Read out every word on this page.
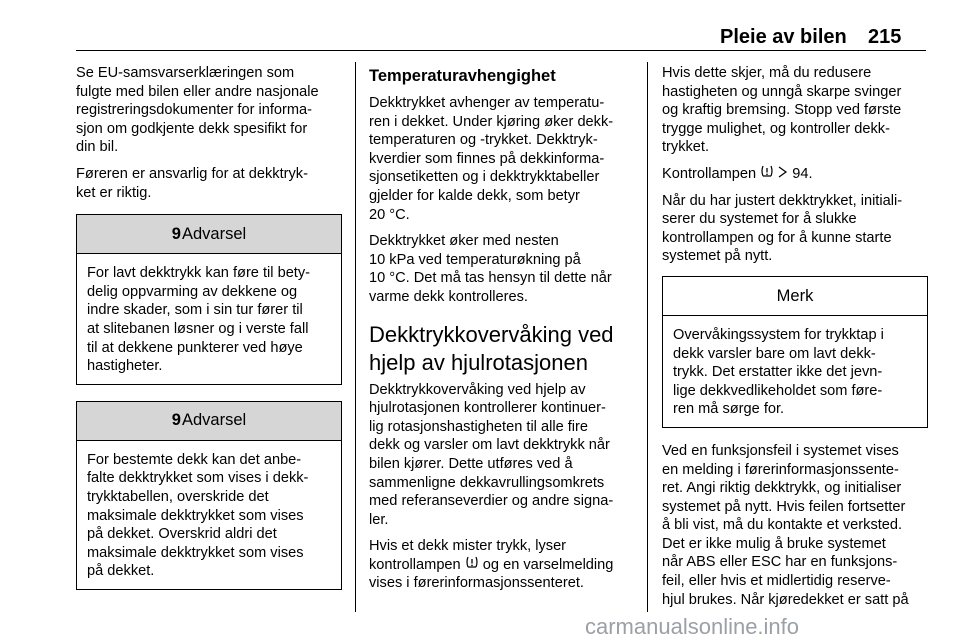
Pleie av bilen 215
Se EU-samsvarserklæringen som
fulgte med bilen eller andre nasjonale
registreringsdokumenter for informa-
sjon om godkjente dekk spesifikt for
din bil.
Føreren er ansvarlig for at dekktryk-
ket er riktig.
9 Advarsel
For lavt dekktrykk kan føre til bety-
delig oppvarming av dekkene og
indre skader, som i sin tur fører til
at slitebanen løsner og i verste fall
til at dekkene punkterer ved høye
hastigheter.
9 Advarsel
For bestemte dekk kan det anbe-
falte dekktrykket som vises i dekk-
trykktabellen, overskride det
maksimale dekktrykket som vises
på dekket. Overskrid aldri det
maksimale dekktrykket som vises
på dekket.
Temperaturavhengighet
Dekktrykket avhenger av temperatu-
ren i dekket. Under kjøring øker dekk-
temperaturen og -trykket. Dekktryk-
kverdier som finnes på dekkinforma-
sjonsetiketten og i dekktrykktabeller
gjelder for kalde dekk, som betyr
20 °C.
Dekktrykket øker med nesten
10 kPa ved temperaturøkning på
10 °C. Det må tas hensyn til dette når
varme dekk kontrolleres.
Dekktrykkovervåking ved
hjelp av hjulrotasjonen
Dekktrykkovervåking ved hjelp av
hjulrotasjonen kontrollerer kontinuer-
lig rotasjonshastigheten til alle fire
dekk og varsler om lavt dekktrykk når
bilen kjører. Dette utføres ved å
sammenligne dekkavrullingsomkrets
med referanseverdier og andre signa-
ler.
Hvis et dekk mister trykk, lyser
kontrollampen  og en varselmelding
vises i førerinformasjonssenteret.
Hvis dette skjer, må du redusere
hastigheten og unngå skarpe svinger
og kraftig bremsing. Stopp ved første
trygge mulighet, og kontroller dekk-
trykket.
Kontrollampen   94.
Når du har justert dekktrykket, initiali-
serer du systemet for å slukke
kontrollampen og for å kunne starte
systemet på nytt.
Merk
Overvåkingssystem for trykktap i
dekk varsler bare om lavt dekk-
trykk. Det erstatter ikke det jevn-
lige dekkvedlikeholdet som føre-
ren må sørge for.
Ved en funksjonsfeil i systemet vises
en melding i førerinformasjonssente-
ret. Angi riktig dekktrykk, og initialiser
systemet på nytt. Hvis feilen fortsetter
å bli vist, må du kontakte et verksted.
Det er ikke mulig å bruke systemet
når ABS eller ESC har en funksjons-
feil, eller hvis et midlertidig reserve-
hjul brukes. Når kjøredekket er satt på
carmanualsonline.info
